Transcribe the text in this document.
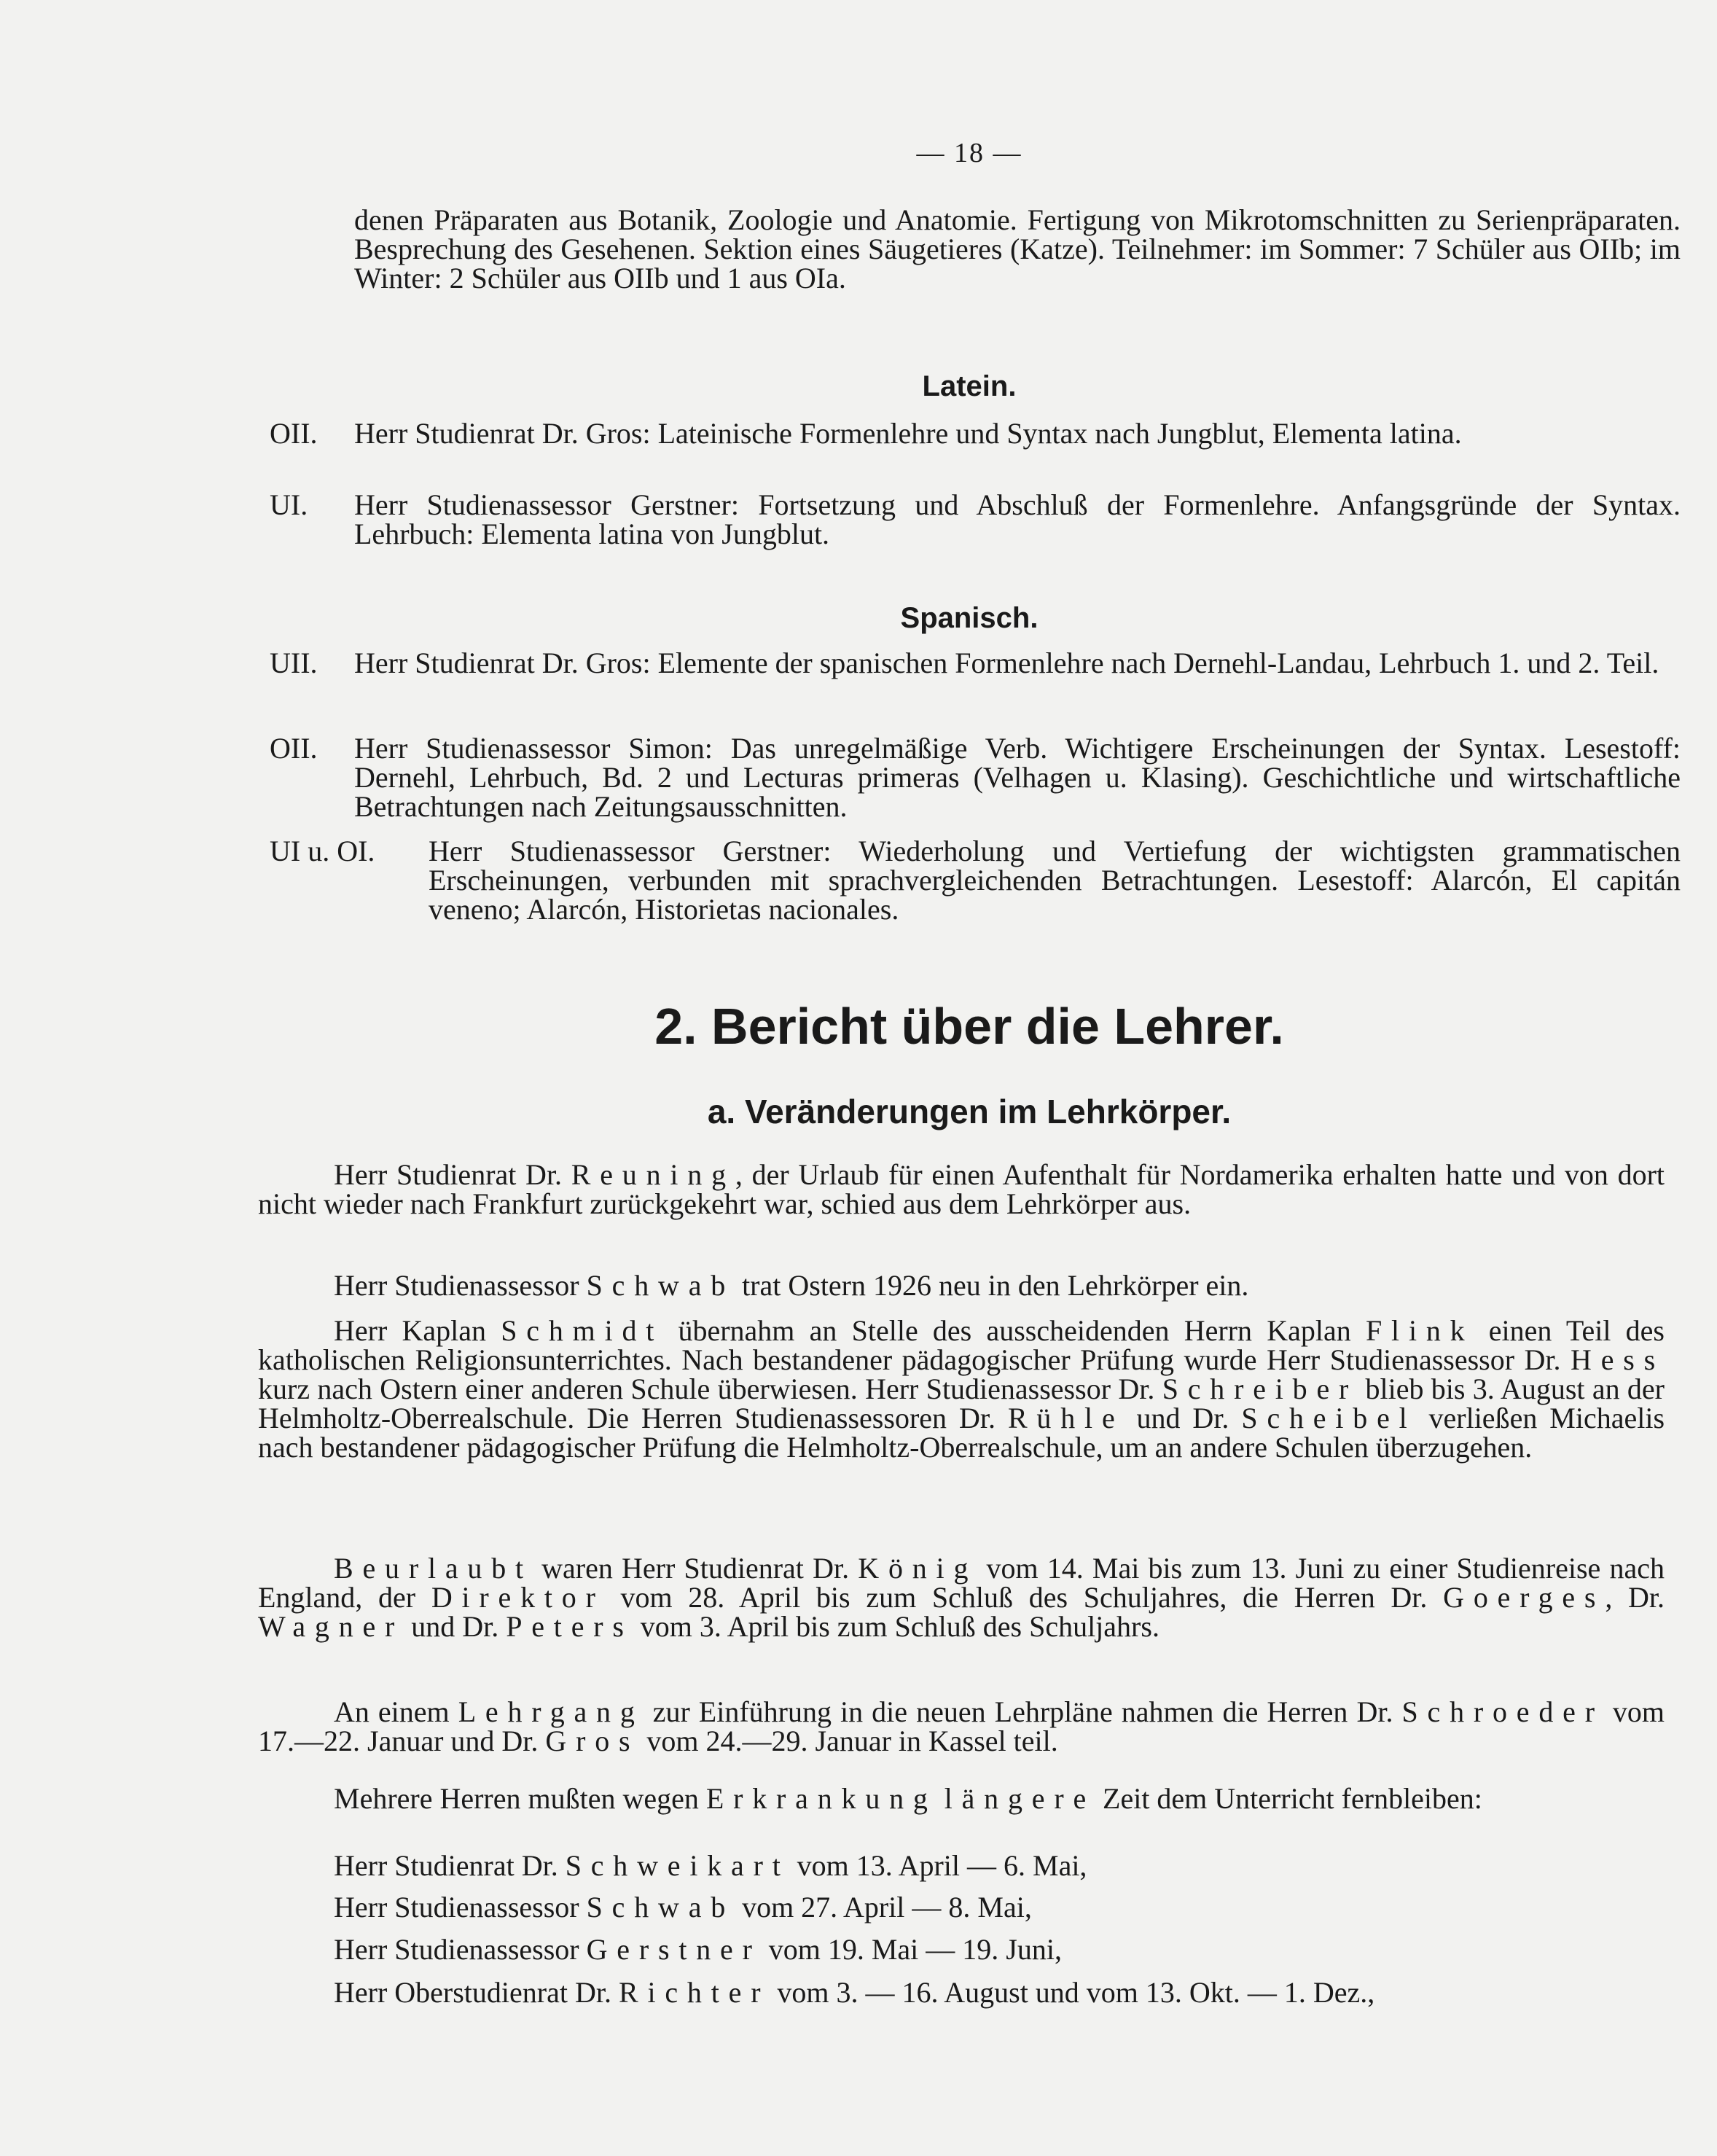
— 18 —

denen Präparaten aus Botanik, Zoologie und Anatomie. Fertigung von Mikrotomschnitten zu Serienpräparaten. Besprechung des Gesehenen. Sektion eines Säugetieres (Katze). Teilnehmer: im Sommer: 7 Schüler aus OIIb; im Winter: 2 Schüler aus OIIb und 1 aus OIa.

Latein.
OII. Herr Studienrat Dr. Gros: Lateinische Formenlehre und Syntax nach Jungblut, Elementa latina.
UI. Herr Studienassessor Gerstner: Fortsetzung und Abschluß der Formenlehre. Anfangsgründe der Syntax. Lehrbuch: Elementa latina von Jungblut.
Spanisch.
UII. Herr Studienrat Dr. Gros: Elemente der spanischen Formenlehre nach Dernehl-Landau, Lehrbuch 1. und 2. Teil.
OII. Herr Studienassessor Simon: Das unregelmäßige Verb. Wichtigere Erscheinungen der Syntax. Lesestoff: Dernehl, Lehrbuch, Bd. 2 und Lecturas primeras (Velhagen u. Klasing). Geschichtliche und wirtschaftliche Betrachtungen nach Zeitungsausschnitten.
UI u. OI. Herr Studienassessor Gerstner: Wiederholung und Vertiefung der wichtigsten grammatischen Erscheinungen, verbunden mit sprachvergleichenden Betrachtungen. Lesestoff: Alarcón, El capitán veneno; Alarcón, Historietas nacionales.
2. Bericht über die Lehrer.
a. Veränderungen im Lehrkörper.
Herr Studienrat Dr. Reuning, der Urlaub für einen Aufenthalt für Nordamerika erhalten hatte und von dort nicht wieder nach Frankfurt zurückgekehrt war, schied aus dem Lehrkörper aus.
Herr Studienassessor Schwab trat Ostern 1926 neu in den Lehrkörper ein.
Herr Kaplan Schmidt übernahm an Stelle des ausscheidenden Herrn Kaplan Flink einen Teil des katholischen Religionsunterrichtes. Nach bestandener pädagogischer Prüfung wurde Herr Studienassessor Dr. Hess kurz nach Ostern einer anderen Schule überwiesen. Herr Studienassessor Dr. Schreiber blieb bis 3. August an der Helmholtz-Oberrealschule. Die Herren Studienassessoren Dr. Rühle und Dr. Scheibel verließen Michaelis nach bestandener pädagogischer Prüfung die Helmholtz-Oberrealschule, um an andere Schulen überzugehen.
Beurlaubt waren Herr Studienrat Dr. König vom 14. Mai bis zum 13. Juni zu einer Studienreise nach England, der Direktor vom 28. April bis zum Schluß des Schuljahres, die Herren Dr. Goerges, Dr. Wagner und Dr. Peters vom 3. April bis zum Schluß des Schuljahrs.
An einem Lehrgang zur Einführung in die neuen Lehrpläne nahmen die Herren Dr. Schroeder vom 17.—22. Januar und Dr. Gros vom 24.—29. Januar in Kassel teil.
Mehrere Herren mußten wegen Erkrankung längere Zeit dem Unterricht fernbleiben:
Herr Studienrat Dr. Schweikart vom 13. April — 6. Mai,
Herr Studienassessor Schwab vom 27. April — 8. Mai,
Herr Studienassessor Gerstner vom 19. Mai — 19. Juni,
Herr Oberstudienrat Dr. Richter vom 3. — 16. August und vom 13. Okt. — 1. Dez.,
